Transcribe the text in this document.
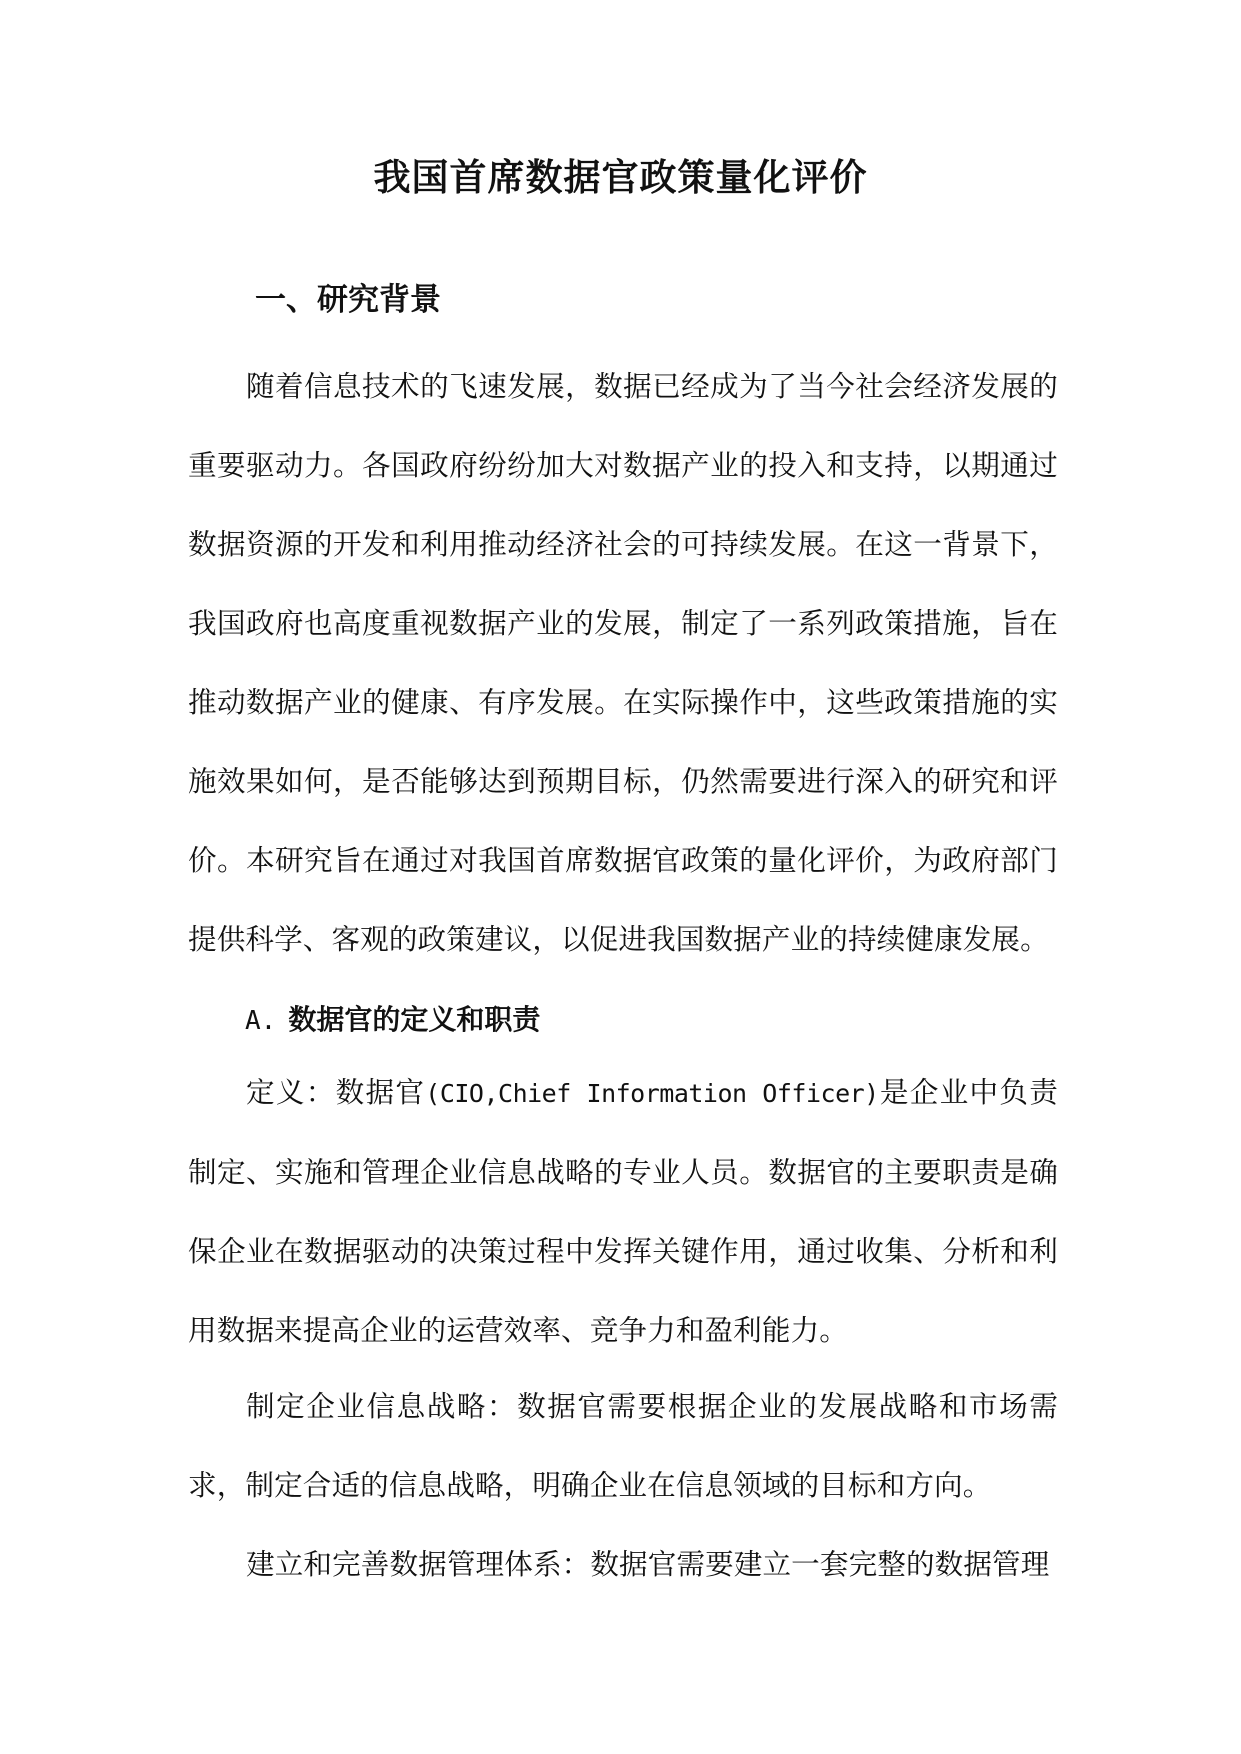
我国首席数据官政策量化评价
一、研究背景

随着信息技术的飞速发展，数据已经成为了当今社会经济发展的重要驱动力。各国政府纷纷加大对数据产业的投入和支持，以期通过数据资源的开发和利用推动经济社会的可持续发展。在这一背景下，我国政府也高度重视数据产业的发展，制定了一系列政策措施，旨在推动数据产业的健康、有序发展。在实际操作中，这些政策措施的实施效果如何，是否能够达到预期目标，仍然需要进行深入的研究和评价。本研究旨在通过对我国首席数据官政策的量化评价，为政府部门提供科学、客观的政策建议，以促进我国数据产业的持续健康发展。

A. 数据官的定义和职责

定义：数据官(CIO,Chief Information Officer)是企业中负责制定、实施和管理企业信息战略的专业人员。数据官的主要职责是确保企业在数据驱动的决策过程中发挥关键作用，通过收集、分析和利用数据来提高企业的运营效率、竞争力和盈利能力。

制定企业信息战略：数据官需要根据企业的发展战略和市场需求，制定合适的信息战略，明确企业在信息领域的目标和方向。

建立和完善数据管理体系：数据官需要建立一套完整的数据管理
